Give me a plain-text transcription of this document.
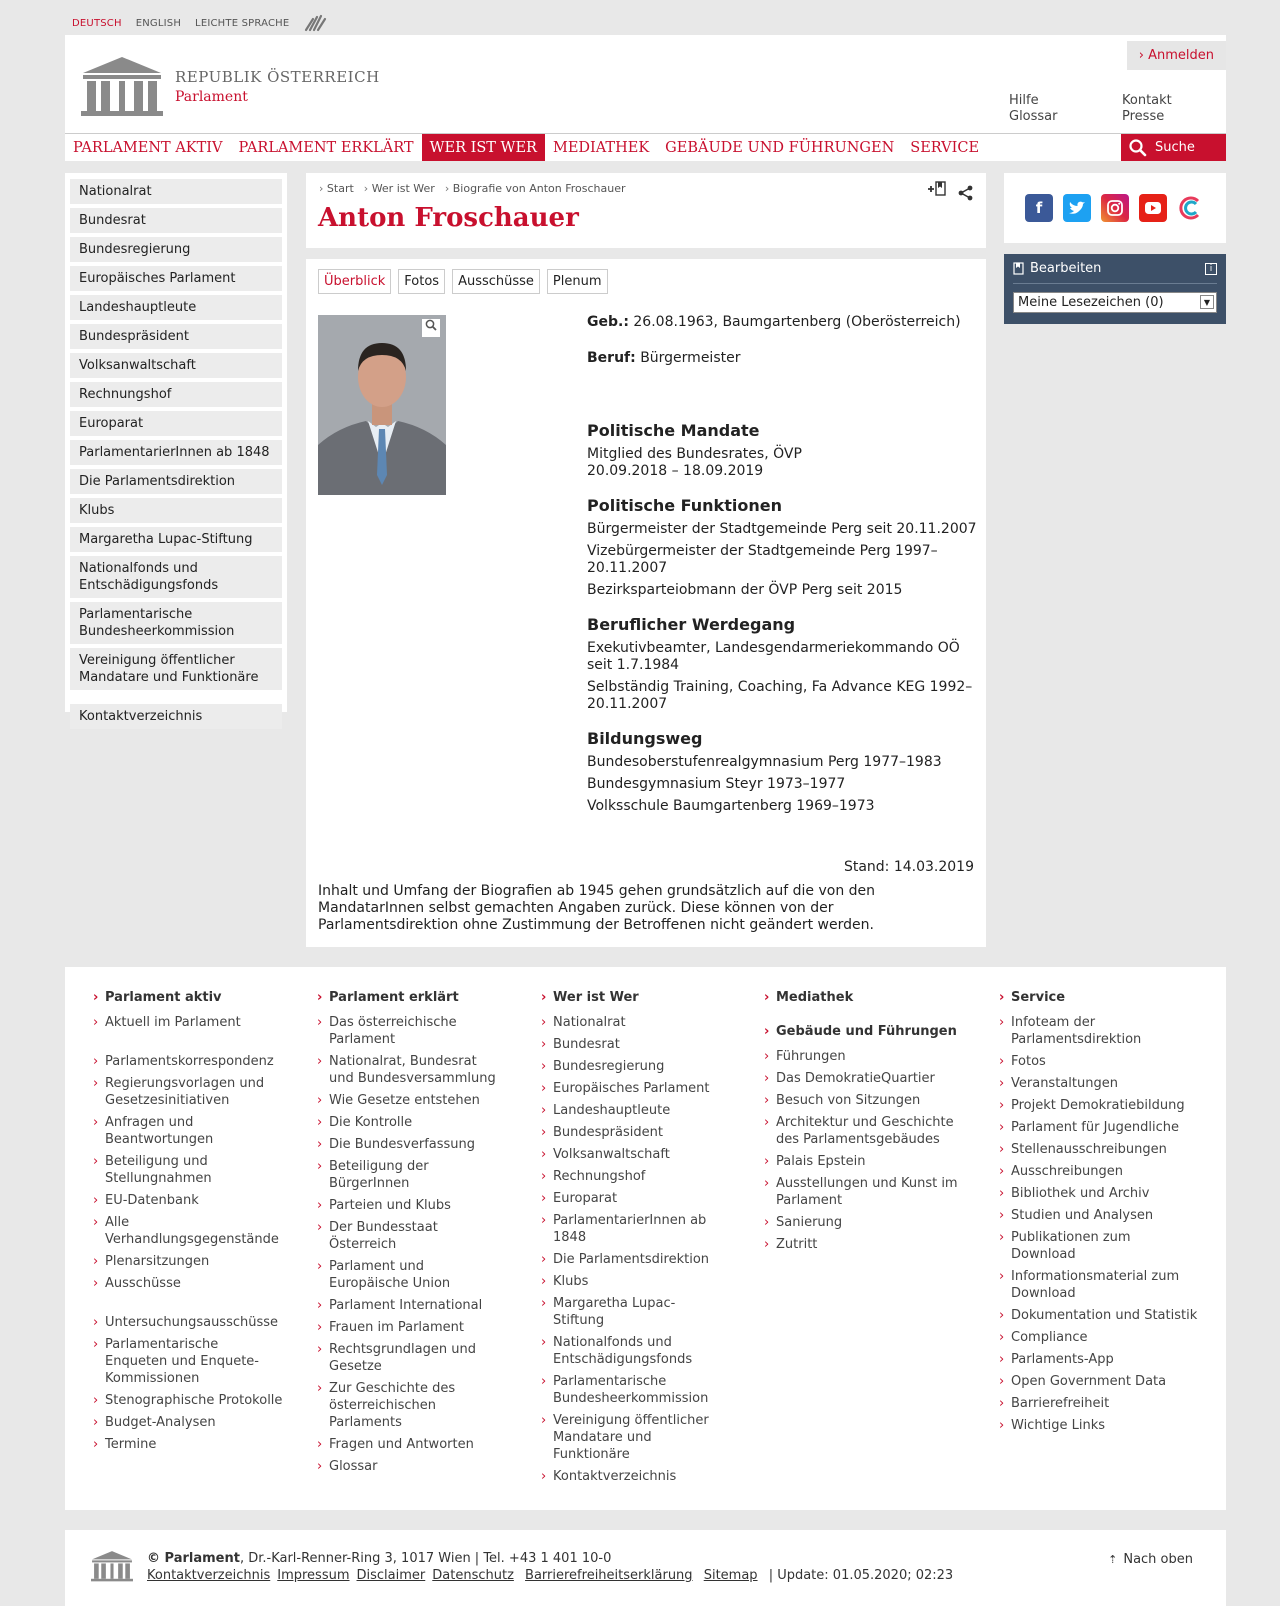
DEUTSCH ENGLISH LEICHTE SPRACHE
REPUBLIK ÖSTERREICH
Parlament
› Anmelden
Hilfe
Glossar
Kontakt
Presse
PARLAMENT AKTIV	PARLAMENT ERKLÄRT	WER IST WER	MEDIATHEK	GEBÄUDE UND FÜHRUNGEN	SERVICE	Suche
Nationalrat
Bundesrat
Bundesregierung
Europäisches Parlament
Landeshauptleute
Bundespräsident
Volksanwaltschaft
Rechnungshof
Europarat
ParlamentarierInnen ab 1848
Die Parlamentsdirektion
Klubs
Margaretha Lupac-Stiftung
Nationalfonds und Entschädigungsfonds
Parlamentarische Bundesheerkommission
Vereinigung öffentlicher Mandatare und Funktionäre
Kontaktverzeichnis
› Start	› Wer ist Wer	› Biografie von Anton Froschauer
Anton Froschauer
Überblick	Fotos	Ausschüsse	Plenum

Geb.: 26.08.1963, Baumgartenberg (Oberösterreich)

Beruf: Bürgermeister

Politische Mandate

Mitglied des Bundesrates, ÖVP
20.09.2018 – 18.09.2019

Politische Funktionen

Bürgermeister der Stadtgemeinde Perg seit 20.11.2007

Vizebürgermeister der Stadtgemeinde Perg 1997–20.11.2007

Bezirksparteiobmann der ÖVP Perg seit 2015

Beruflicher Werdegang

Exekutivbeamter, Landesgendarmeriekommando OÖ seit 1.7.1984

Selbständig Training, Coaching, Fa Advance KEG 1992–20.11.2007

Bildungsweg

Bundesoberstufenrealgymnasium Perg 1977–1983

Bundesgymnasium Steyr 1973–1977

Volksschule Baumgartenberg 1969–1973

Stand: 14.03.2019
Inhalt und Umfang der Biografien ab 1945 gehen grundsätzlich auf die von den MandatarInnen selbst gemachten Angaben zurück. Diese können von der Parlamentsdirektion ohne Zustimmung der Betroffenen nicht geändert werden.
f
Bearbeiten	i
Meine Lesezeichen (0)	▼
› Parlament aktiv
› Aktuell im Parlament
› Parlamentskorrespondenz
› Regierungsvorlagen und Gesetzesinitiativen
› Anfragen und Beantwortungen
› Beteiligung und Stellungnahmen
› EU-Datenbank
› Alle Verhandlungsgegenstände
› Plenarsitzungen
› Ausschüsse
› Untersuchungsausschüsse
› Parlamentarische Enqueten und Enquete-Kommissionen
› Stenographische Protokolle
› Budget-Analysen
› Termine
› Parlament erklärt
› Das österreichische Parlament
› Nationalrat, Bundesrat und Bundesversammlung
› Wie Gesetze entstehen
› Die Kontrolle
› Die Bundesverfassung
› Beteiligung der BürgerInnen
› Parteien und Klubs
› Der Bundesstaat Österreich
› Parlament und Europäische Union
› Parlament International
› Frauen im Parlament
› Rechtsgrundlagen und Gesetze
› Zur Geschichte des österreichischen Parlaments
› Fragen und Antworten
› Glossar
› Wer ist Wer
› Nationalrat
› Bundesrat
› Bundesregierung
› Europäisches Parlament
› Landeshauptleute
› Bundespräsident
› Volksanwaltschaft
› Rechnungshof
› Europarat
› ParlamentarierInnen ab 1848
› Die Parlamentsdirektion
› Klubs
› Margaretha Lupac-Stiftung
› Nationalfonds und Entschädigungsfonds
› Parlamentarische Bundesheerkommission
› Vereinigung öffentlicher Mandatare und Funktionäre
› Kontaktverzeichnis
› Mediathek
› Gebäude und Führungen
› Führungen
› Das DemokratieQuartier
› Besuch von Sitzungen
› Architektur und Geschichte des Parlamentsgebäudes
› Palais Epstein
› Ausstellungen und Kunst im Parlament
› Sanierung
› Zutritt
› Service
› Infoteam der Parlamentsdirektion
› Fotos
› Veranstaltungen
› Projekt Demokratiebildung
› Parlament für Jugendliche
› Stellenausschreibungen
› Ausschreibungen
› Bibliothek und Archiv
› Studien und Analysen
› Publikationen zum Download
› Informationsmaterial zum Download
› Dokumentation und Statistik
› Compliance
› Parlaments-App
› Open Government Data
› Barrierefreiheit
› Wichtige Links
© Parlament, Dr.-Karl-Renner-Ring 3, 1017 Wien | Tel. +43 1 401 10-0
Kontaktverzeichnis Impressum Disclaimer Datenschutz Barrierefreiheitserklärung Sitemap | Update: 01.05.2020; 02:23
⇡ Nach oben
